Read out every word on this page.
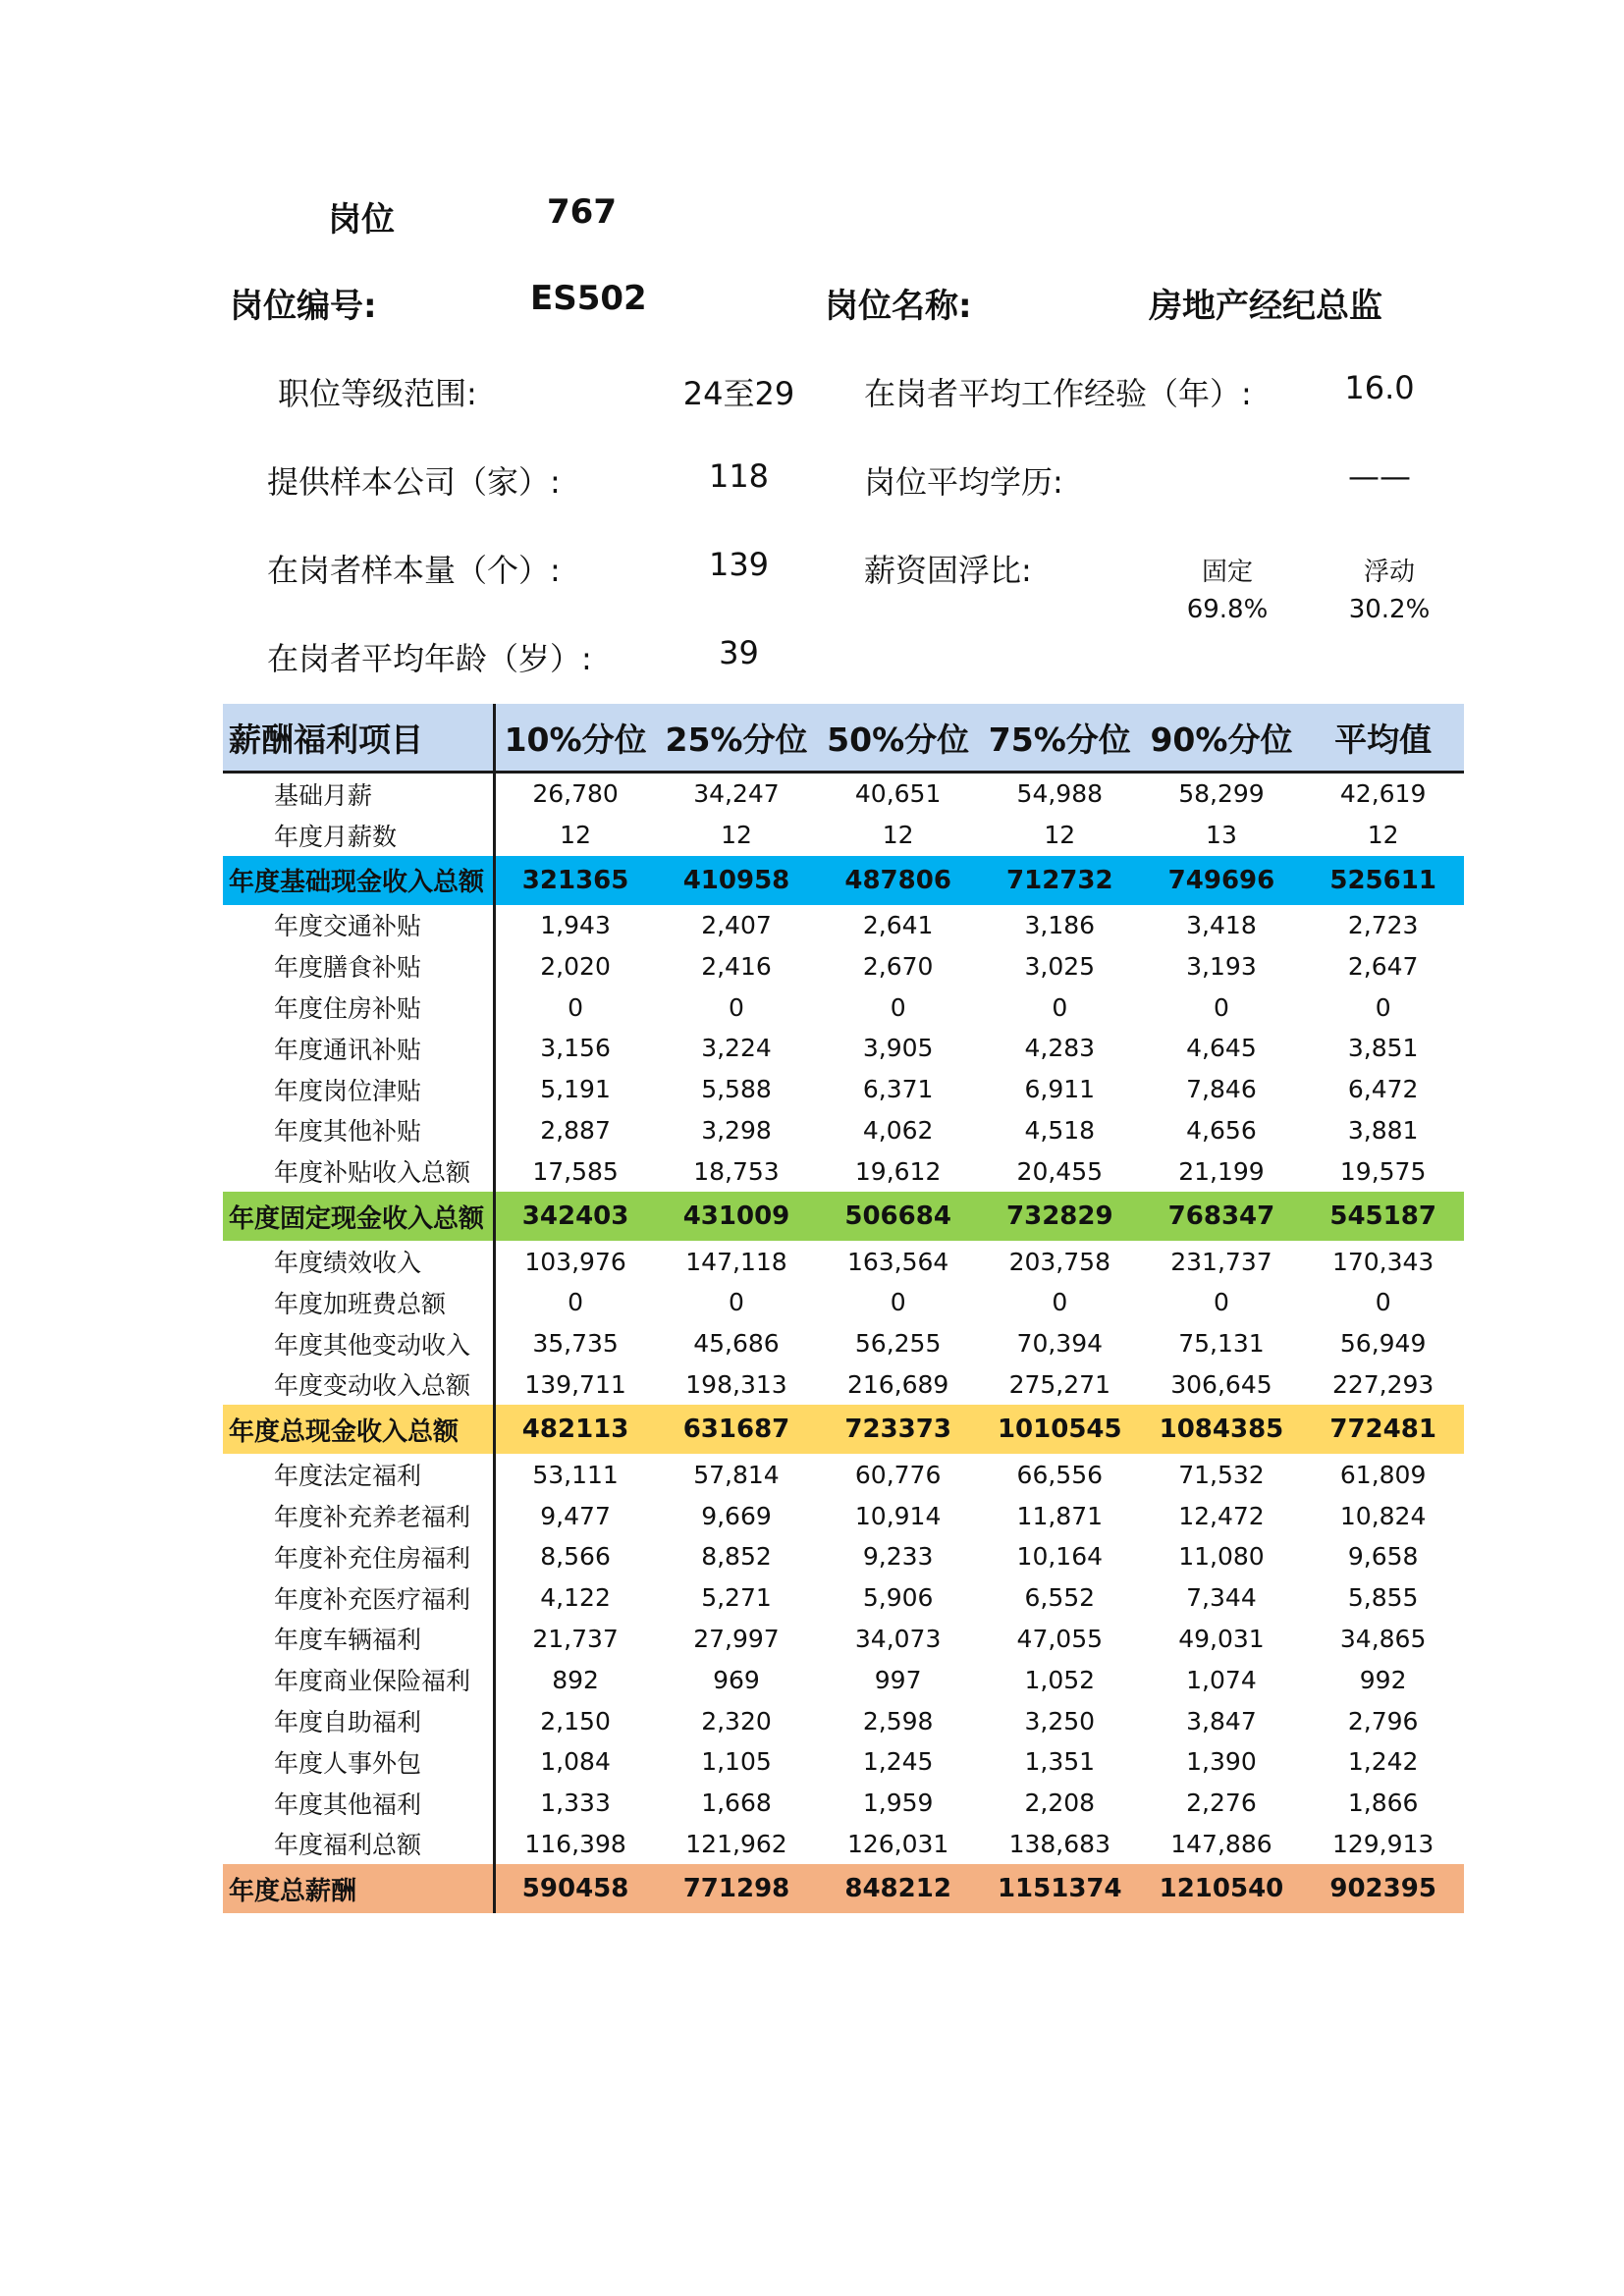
岗位	767
岗位编号:	ES502	岗位名称:	房地产经纪总监
职位等级范围:	24至29	在岗者平均工作经验（年）:	16.0
提供样本公司（家）:	118	岗位平均学历:	——
在岗者样本量（个）:	139	薪资固浮比:	固定	浮动
69.8%	30.2%
在岗者平均年龄（岁）:	39
薪酬福利项目	10%分位	25%分位	50%分位	75%分位	90%分位	平均值
基础月薪	26,780	34,247	40,651	54,988	58,299	42,619
年度月薪数	12	12	12	12	13	12
年度基础现金收入总额	321365	410958	487806	712732	749696	525611
年度交通补贴	1,943	2,407	2,641	3,186	3,418	2,723
年度膳食补贴	2,020	2,416	2,670	3,025	3,193	2,647
年度住房补贴	0	0	0	0	0	0
年度通讯补贴	3,156	3,224	3,905	4,283	4,645	3,851
年度岗位津贴	5,191	5,588	6,371	6,911	7,846	6,472
年度其他补贴	2,887	3,298	4,062	4,518	4,656	3,881
年度补贴收入总额	17,585	18,753	19,612	20,455	21,199	19,575
年度固定现金收入总额	342403	431009	506684	732829	768347	545187
年度绩效收入	103,976	147,118	163,564	203,758	231,737	170,343
年度加班费总额	0	0	0	0	0	0
年度其他变动收入	35,735	45,686	56,255	70,394	75,131	56,949
年度变动收入总额	139,711	198,313	216,689	275,271	306,645	227,293
年度总现金收入总额	482113	631687	723373	1010545	1084385	772481
年度法定福利	53,111	57,814	60,776	66,556	71,532	61,809
年度补充养老福利	9,477	9,669	10,914	11,871	12,472	10,824
年度补充住房福利	8,566	8,852	9,233	10,164	11,080	9,658
年度补充医疗福利	4,122	5,271	5,906	6,552	7,344	5,855
年度车辆福利	21,737	27,997	34,073	47,055	49,031	34,865
年度商业保险福利	892	969	997	1,052	1,074	992
年度自助福利	2,150	2,320	2,598	3,250	3,847	2,796
年度人事外包	1,084	1,105	1,245	1,351	1,390	1,242
年度其他福利	1,333	1,668	1,959	2,208	2,276	1,866
年度福利总额	116,398	121,962	126,031	138,683	147,886	129,913
年度总薪酬	590458	771298	848212	1151374	1210540	902395
